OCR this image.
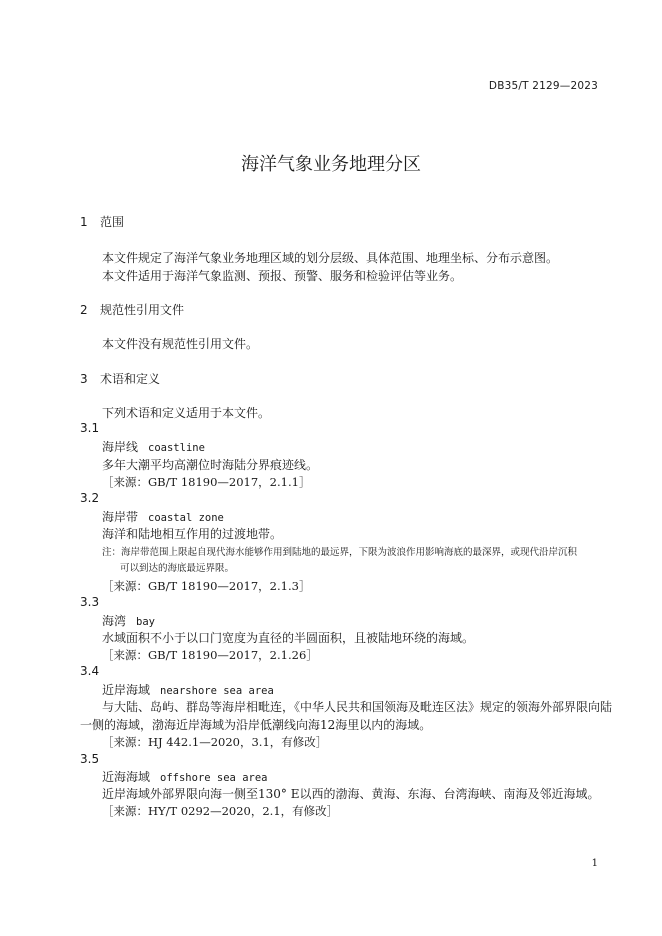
DB35/T 2129—2023
海洋气象业务地理分区
1 范围
本文件规定了海洋气象业务地理区域的划分层级、具体范围、地理坐标、分布示意图。
本文件适用于海洋气象监测、预报、预警、服务和检验评估等业务。
2 规范性引用文件
本文件没有规范性引用文件。
3 术语和定义
下列术语和定义适用于本文件。
3.1
海岸线 coastline
多年大潮平均高潮位时海陆分界痕迹线。
［来源：GB/T 18190—2017，2.1.1］
3.2
海岸带 coastal zone
海洋和陆地相互作用的过渡地带。
注：海岸带范围上限起自现代海水能够作用到陆地的最远界，下限为波浪作用影响海底的最深界，或现代沿岸沉积
可以到达的海底最远界限。
［来源：GB/T 18190—2017，2.1.3］
3.3
海湾 bay
水域面积不小于以口门宽度为直径的半圆面积，且被陆地环绕的海域。
［来源：GB/T 18190—2017，2.1.26］
3.4
近岸海域 nearshore sea area
与大陆、岛屿、群岛等海岸相毗连，《中华人民共和国领海及毗连区法》规定的领海外部界限向陆
一侧的海域，渤海近岸海域为沿岸低潮线向海12海里以内的海域。
［来源：HJ 442.1—2020，3.1，有修改］
3.5
近海海域 offshore sea area
近岸海域外部界限向海一侧至130° E以西的渤海、黄海、东海、台湾海峡、南海及邻近海域。
［来源：HY/T 0292—2020，2.1，有修改］
1
